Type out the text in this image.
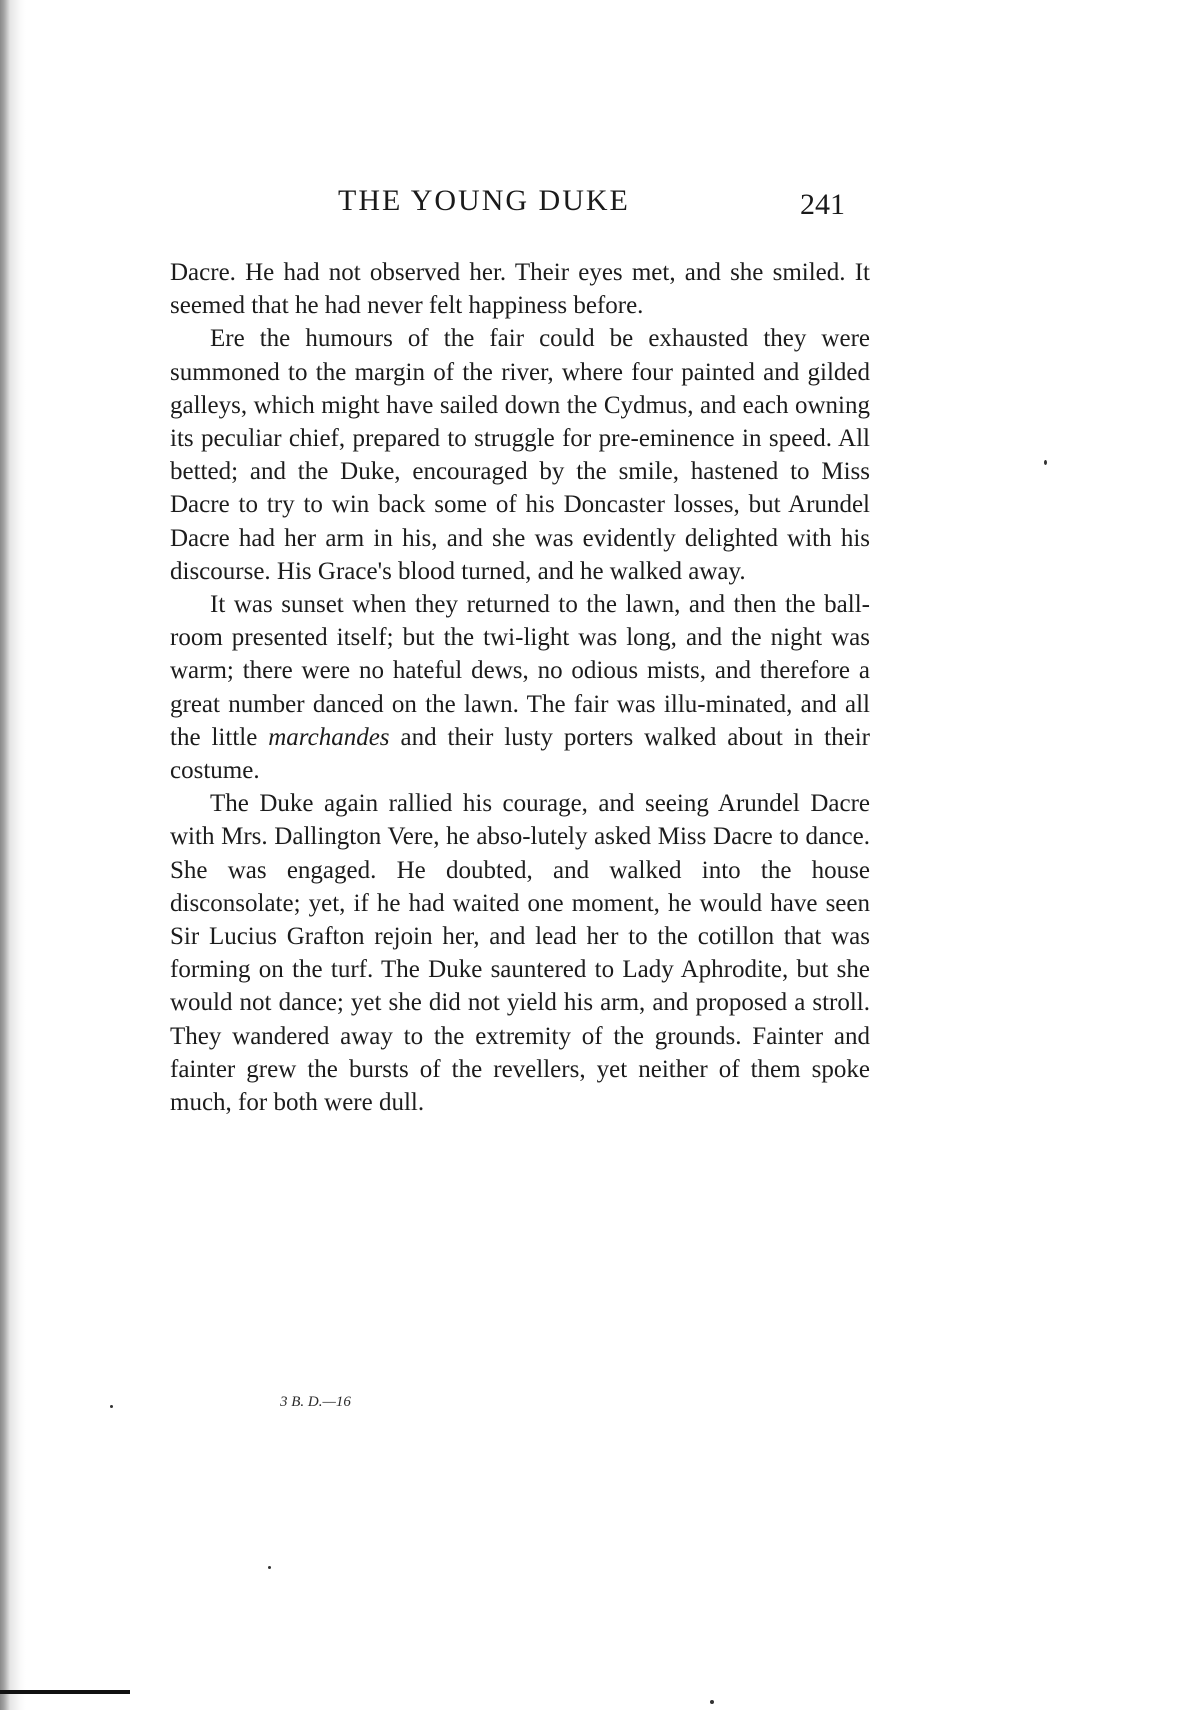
THE YOUNG DUKE	241

Dacre. He had not observed her. Their eyes met, and she smiled. It seemed that he had never felt happiness before.

Ere the humours of the fair could be exhausted they were summoned to the margin of the river, where four painted and gilded galleys, which might have sailed down the Cydmus, and each owning its peculiar chief, prepared to struggle for pre-eminence in speed. All betted; and the Duke, encouraged by the smile, hastened to Miss Dacre to try to win back some of his Doncaster losses, but Arundel Dacre had her arm in his, and she was evidently delighted with his discourse. His Grace's blood turned, and he walked away.

It was sunset when they returned to the lawn, and then the ball-room presented itself; but the twi-light was long, and the night was warm; there were no hateful dews, no odious mists, and therefore a great number danced on the lawn. The fair was illu-minated, and all the little marchandes and their lusty porters walked about in their costume.

The Duke again rallied his courage, and seeing Arundel Dacre with Mrs. Dallington Vere, he abso-lutely asked Miss Dacre to dance. She was engaged. He doubted, and walked into the house disconsolate; yet, if he had waited one moment, he would have seen Sir Lucius Grafton rejoin her, and lead her to the cotillon that was forming on the turf. The Duke sauntered to Lady Aphrodite, but she would not dance; yet she did not yield his arm, and proposed a stroll. They wandered away to the extremity of the grounds. Fainter and fainter grew the bursts of the revellers, yet neither of them spoke much, for both were dull.

3 B. D.—16
